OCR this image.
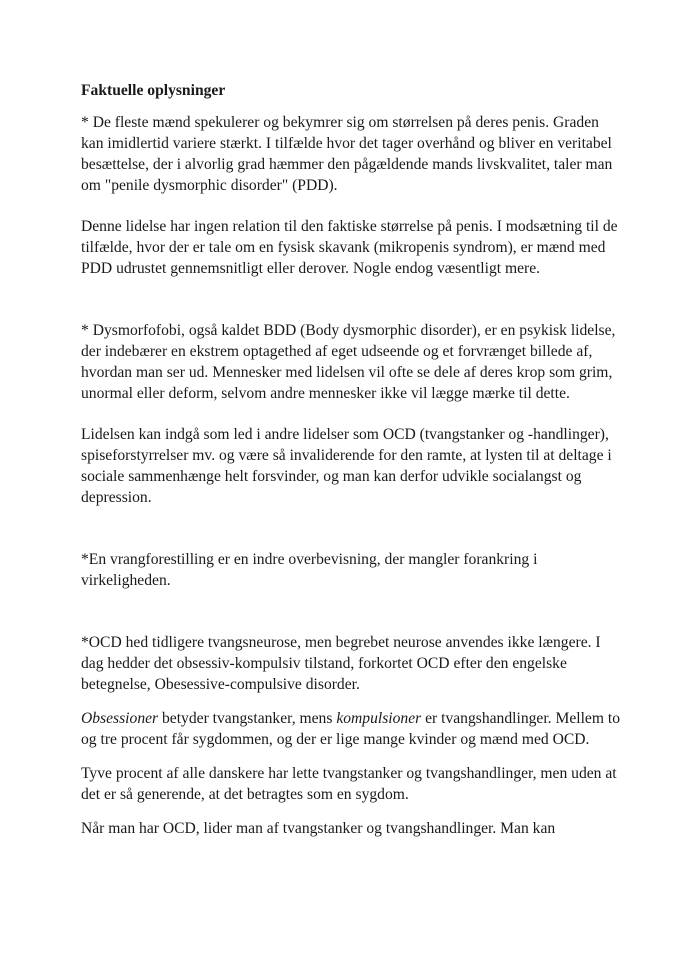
Faktuelle oplysninger

* De fleste mænd spekulerer og bekymrer sig om størrelsen på deres penis. Graden kan imidlertid variere stærkt. I tilfælde hvor det tager overhånd og bliver en veritabel besættelse, der i alvorlig grad hæmmer den pågældende mands livskvalitet, taler man om "penile dysmorphic disorder" (PDD).

Denne lidelse har ingen relation til den faktiske størrelse på penis. I modsætning til de tilfælde, hvor der er tale om en fysisk skavank (mikropenis syndrom), er mænd med PDD udrustet gennemsnitligt eller derover. Nogle endog væsentligt mere.

* Dysmorfofobi, også kaldet BDD (Body dysmorphic disorder), er en psykisk lidelse, der indebærer en ekstrem optagethed af eget udseende og et forvrænget billede af, hvordan man ser ud. Mennesker med lidelsen vil ofte se dele af deres krop som grim, unormal eller deform, selvom andre mennesker ikke vil lægge mærke til dette.

Lidelsen kan indgå som led i andre lidelser som OCD (tvangstanker og -handlinger), spiseforstyrrelser mv. og være så invaliderende for den ramte, at lysten til at deltage i sociale sammenhænge helt forsvinder, og man kan derfor udvikle socialangst og depression.

*En vrangforestilling er en indre overbevisning, der mangler forankring i virkeligheden.

*OCD hed tidligere tvangsneurose, men begrebet neurose anvendes ikke længere. I dag hedder det obsessiv-kompulsiv tilstand, forkortet OCD efter den engelske betegnelse, Obesessive-compulsive disorder.

Obsessioner betyder tvangstanker, mens kompulsioner er tvangshandlinger. Mellem to og tre procent får sygdommen, og der er lige mange kvinder og mænd med OCD.

Tyve procent af alle danskere har lette tvangstanker og tvangshandlinger, men uden at det er så generende, at det betragtes som en sygdom.

Når man har OCD, lider man af tvangstanker og tvangshandlinger. Man kan
